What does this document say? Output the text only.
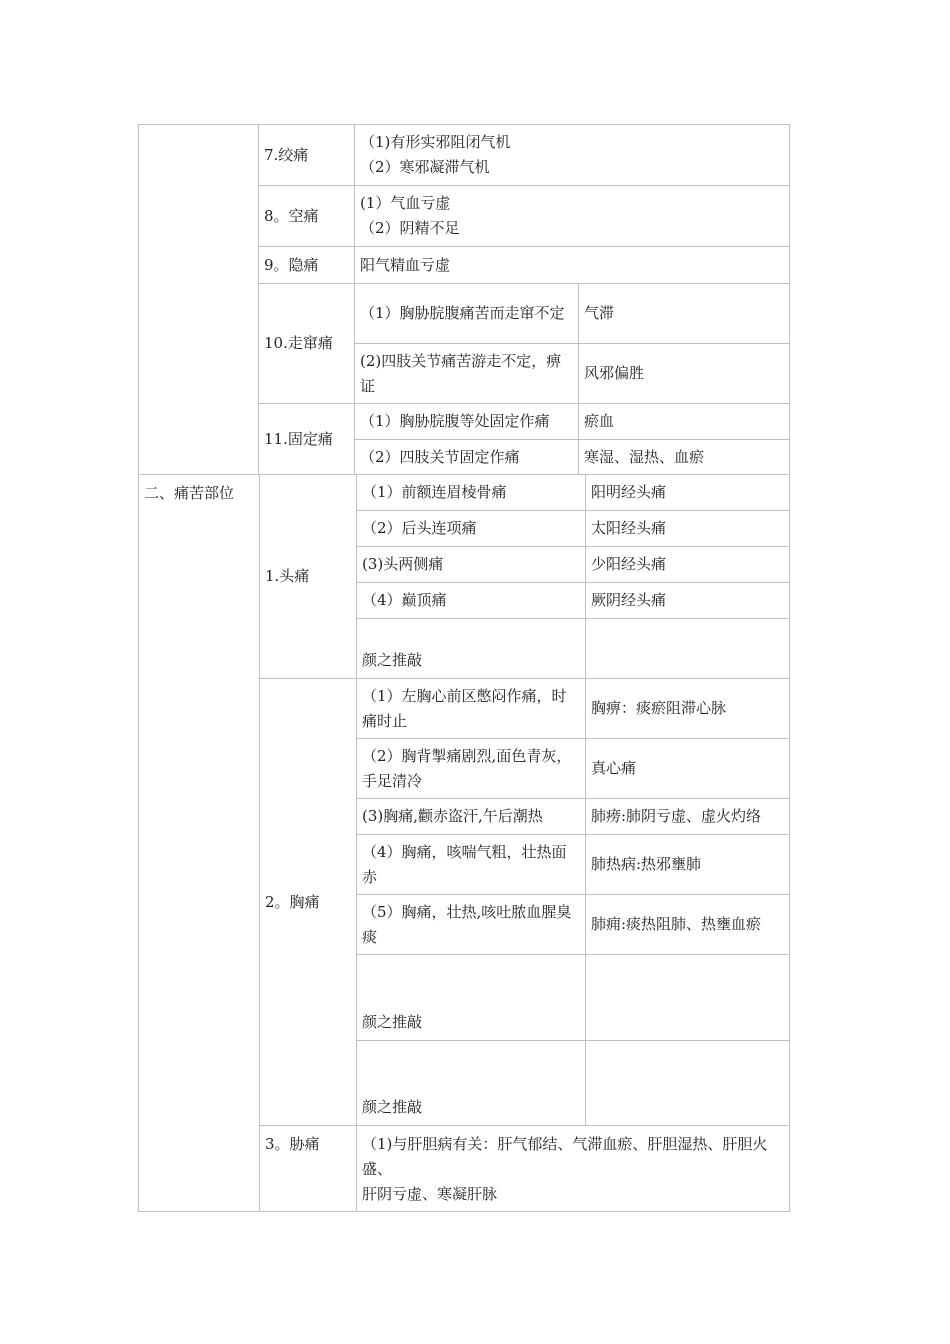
	7.绞痛	（1)有形实邪阻闭气机
（2）寒邪凝滞气机	
	8。空痛	(1）气血亏虚
（2）阴精不足	
	9。隐痛	阳气精血亏虚	
	10.走窜痛	（1）胸胁脘腹痛苦而走窜不定	气滞
		(2)四肢关节痛苦游走不定，痹证	风邪偏胜
	11.固定痛	（1）胸胁脘腹等处固定作痛	瘀血
		（2）四肢关节固定作痛	寒湿、湿热、血瘀
二、痛苦部位	1.头痛	（1）前额连眉棱骨痛	阳明经头痛
		（2）后头连项痛	太阳经头痛
		(3)头两侧痛	少阳经头痛
		（4）巅顶痛	厥阴经头痛
		颜之推敲	
	2。胸痛	（1）左胸心前区憋闷作痛，时痛时止	胸痹：痰瘀阻滞心脉
		（2）胸背掣痛剧烈,面色青灰，手足清冷	真心痛
		(3)胸痛,颧赤盗汗,午后潮热	肺痨:肺阴亏虚、虚火灼络
		（4）胸痛，咳喘气粗，壮热面赤	肺热病:热邪壅肺
		（5）胸痛，壮热,咳吐脓血腥臭痰	肺痈:痰热阻肺、热壅血瘀
		颜之推敲	
		颜之推敲	
	3。胁痛	（1)与肝胆病有关：肝气郁结、气滞血瘀、肝胆湿热、肝胆火盛、
肝阴亏虚、寒凝肝脉	
